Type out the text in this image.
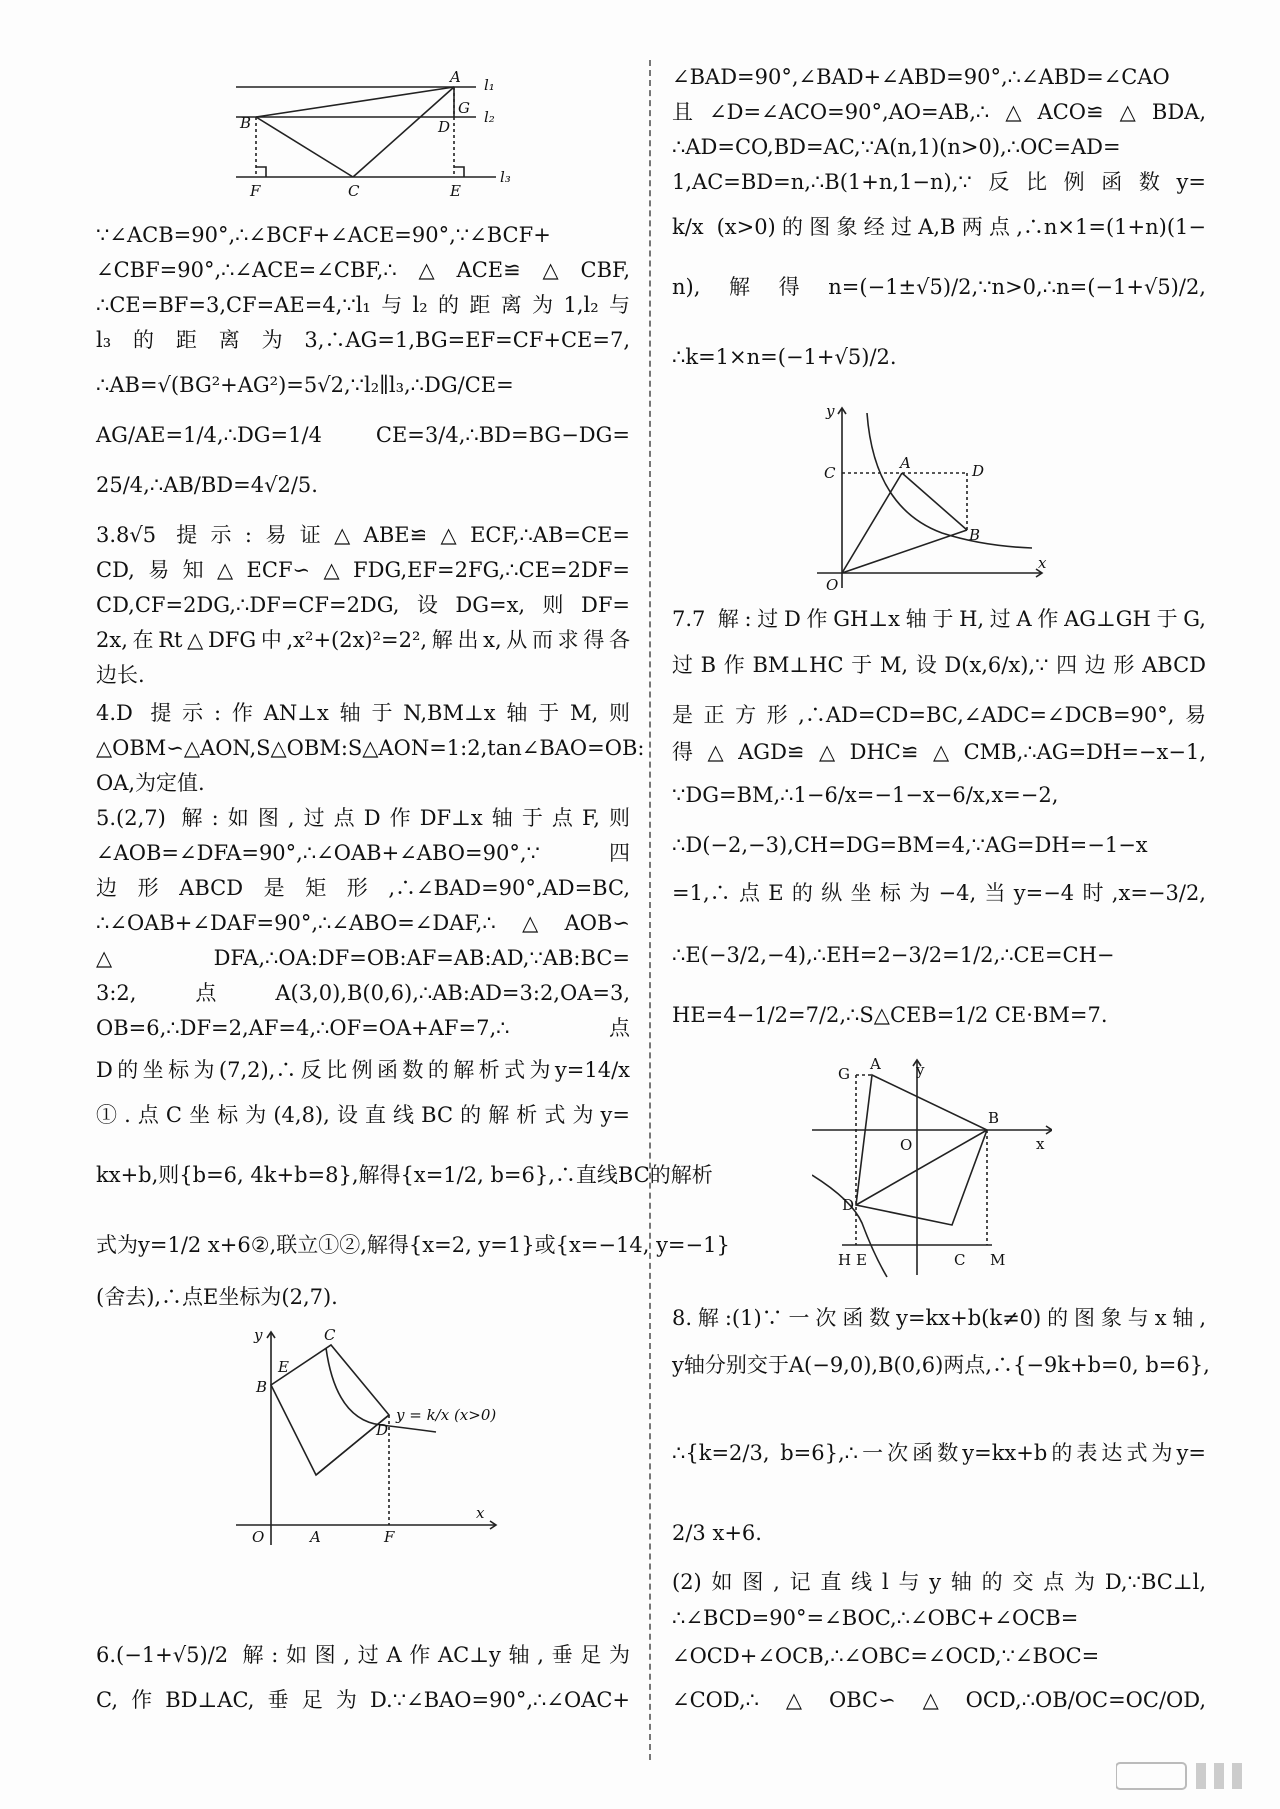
A l₁
G l₂
B	D
F	C	E
l₃
∵∠ACB=90°,∴∠BCF+∠ACE=90°,∵∠BCF+
∠CBF=90°,∴∠ACE=∠CBF,∴△ACE≌△CBF,
∴CE=BF=3,CF=AE=4,∵l₁与l₂的距离为1,l₂与
l₃的距离为3,∴AG=1,BG=EF=CF+CE=7,
∴AB=√(BG²+AG²)=5√2,∵l₂∥l₃,∴DG/CE=
AG/AE=1/4,∴DG=1/4 CE=3/4,∴BD=BG−DG=
25/4,∴AB/BD=4√2/5.
3.8√5 提示:易证△ABE≌△ECF,∴AB=CE=
CD,易知△ECF∽△FDG,EF=2FG,∴CE=2DF=
CD,CF=2DG,∴DF=CF=2DG,设DG=x,则DF=
2x,在Rt△DFG中,x²+(2x)²=2²,解出x,从而求得各
边长.
4.D 提示:作AN⊥x轴于N,BM⊥x轴于M,则
△OBM∽△AON,S△OBM:S△AON=1:2,tan∠BAO=OB:
OA,为定值.
5.(2,7) 解:如图,过点D作DF⊥x轴于点F,则
∠AOB=∠DFA=90°,∴∠OAB+∠ABO=90°,∵四
边形ABCD是矩形,∴∠BAD=90°,AD=BC,
∴∠OAB+∠DAF=90°,∴∠ABO=∠DAF,∴△AOB∽
△DFA,∴OA:DF=OB:AF=AB:AD,∵AB:BC=
3:2,点A(3,0),B(0,6),∴AB:AD=3:2,OA=3,
OB=6,∴DF=2,AF=4,∴OF=OA+AF=7,∴点
D的坐标为(7,2),∴反比例函数的解析式为y=14/x
①.点C坐标为(4,8),设直线BC的解析式为y=
kx+b,则{b=6, 4k+b=8},解得{x=1/2, b=6},∴直线BC的解析
式为y=1/2 x+6②,联立①②,解得{x=2, y=1}或{x=−14, y=−1}
(舍去),∴点E坐标为(2,7).
y	C
B
E
y = k/x (x>0)
D
O	A	F
x
6.(−1+√5)/2 解:如图,过A作AC⊥y轴,垂足为
C,作BD⊥AC,垂足为D.∵∠BAO=90°,∴∠OAC+
∠BAD=90°,∠BAD+∠ABD=90°,∴∠ABD=∠CAO
且∠D=∠ACO=90°,AO=AB,∴△ACO≌△BDA,
∴AD=CO,BD=AC,∵A(n,1)(n>0),∴OC=AD=
1,AC=BD=n,∴B(1+n,1−n),∵反比例函数y=
k/x (x>0)的图象经过A,B两点,∴n×1=(1+n)(1−
n),解得n=(−1±√5)/2,∵n>0,∴n=(−1+√5)/2,
∴k=1×n=(−1+√5)/2.
y
C
A	D
B
O
x
7.7 解:过D作GH⊥x轴于H,过A作AG⊥GH于G,
过B作BM⊥HC于M,设D(x,6/x),∵四边形ABCD
是正方形,∴AD=CD=BC,∠ADC=∠DCB=90°,易
得△AGD≌△DHC≌△CMB,∴AG=DH=−x−1,
∵DG=BM,∴1−6/x=−1−x−6/x,x=−2,
∴D(−2,−3),CH=DG=BM=4,∵AG=DH=−1−x
=1,∴点E的纵坐标为−4,当y=−4时,x=−3/2,
∴E(−3/2,−4),∴EH=2−3/2=1/2,∴CE=CH−
HE=4−1/2=7/2,∴S△CEB=1/2 CE·BM=7.
y
G
A
B
O	x
D
H E	C M
8.解:(1)∵一次函数y=kx+b(k≠0)的图象与x轴,
y轴分别交于A(−9,0),B(0,6)两点,∴{−9k+b=0, b=6},
∴{k=2/3, b=6},∴一次函数y=kx+b的表达式为y=
2/3 x+6.
(2)如图,记直线l与y轴的交点为D,∵BC⊥l,
∴∠BCD=90°=∠BOC,∴∠OBC+∠OCB=
∠OCD+∠OCB,∴∠OBC=∠OCD,∵∠BOC=
∠COD,∴△OBC∽△OCD,∴OB/OC=OC/OD,
